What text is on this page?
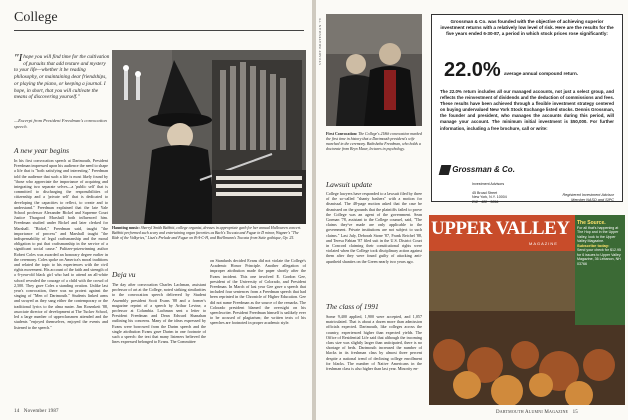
College
"I hope you will find time for the cultivation of pursuits that add texture and mystery to your life—whether it be reading philosophy, or maintaining dear friendships, or playing the piano, or keeping a journal. I hope, in short, that you will cultivate the means of discovering yourself."
—Excerpt from President Freedman's convocation speech.
Haunting music: Sherryl Smith Babbitt, college organist, dresses in appropriate garb for her annual Halloween concert. Babbitt performed such scary and entertaining organ favorites as Bach's Toccata and Fugue in D minor, Wagner's "The Ride of the Valkyries," Liszt's Prelude and Fugue on B-A-C-H, and Boëllmann's Toccata from Suite gothique, Op. 25.
A new year begins
In his first convocation speech at Dartmouth, President Freedman impressed upon his audience the need to shape a life that is "both satisfying and interesting." Freedman told the audience that such a life is most likely found by "those who appreciate the importance of acquiring and integrating two separate selves—a 'public self' that is committed to discharging the responsibilities of citizenship and a 'private self' that is dedicated to developing the capacities to reflect, to create and to understand." Freedman explained that the late Yale School professor Alexander Bickel and Supreme Court Justice Thurgood Marshall both influenced him. Freedman studied under Bickel and later clerked for Marshall. "Bickel," Freedman said, taught "the importance of process" and Marshall taught "the indispensability of legal craftsmanship and the moral obligation to put that craftsmanship in the service of a significant social cause." Pulitzer-prizewinning author Robert Coles was awarded an honorary degree earlier in the ceremony. Coles spoke on America's moral traditions and related the topic to his experiences with the civil rights movement. His account of the faith and strength of a 6-year-old black girl who had to attend an all-white school revealed the courage of a child with the crowd of 2,500. They gave Coles a standing ovation. Unlike last year's convocation, there was no protest against the singing of "Men of Dartmouth." Students linked arms and swayed as they sang either the contemporary or the traditional lyrics to the alma mater. Jim Rosenkeit '88, associate director of development at The Tucker School, led a large number of upperclassmen attended and the students "enjoyed themselves, enjoyed the events and listened to the speech."
Deja vu
The day after convocation Charles Lachman, assistant professor of art at the College, noted striking similarities to the convocation speech delivered by Student Assembly president Scott Evans '88 and a former's magazine reprint of a speech by Arthur Levine, a professor at Columbia. Lachman sent a letter to President Freedman and Dean Edward Shanahan outlining his concerns. Many of the ideas expressed by Evans were borrowed from the Dartm speech and the single attribution Evans gave Dartm in one footnote of such a speech: the text that many listeners believed the lines expressed belonged to Evans. The Committee
on Standards decided Evans did not violate the College's Academic Honor Principle. Another allegation of improper attribution made the paper shortly after the Evans incident. This one involved E. Gordon Gee, president of the University of Colorado, and President Freedman. In March of last year Gee gave a speech that included four sentences from a Freedman speech that had been reprinted in the Chronicle of Higher Education. Gee did not name Freedman as the source of the remarks. The Colorado president blamed the oversight on his speechwriter. President Freedman himself is unlikely ever to be accused of plagiarism; the written texts of his speeches are footnoted in proper academic style.
14 November 1987
STUART BRATESMAN '79
First Convocation: The College's 218th convocation marked the first time in history that a Dartmouth president's wife marched in the ceremony. Bathsheba Freedman, who holds a doctorate from Bryn Mawr, lectures in psychology.
Lawsuit update
College lawyers have responded to a lawsuit filed by three of the so-called "shanty bashers" with a motion for dismissal. The 48-page motion asked that the case be dismissed on the grounds that the plaintiffs failed to prove the College was an agent of the government. Sean Gorman '78, assistant to the College counsel, said, "The claims they've made are only applicable to the government. Private institutions are not subject to such claims." Last July, Deborah Stone '87, Frank Reichel '88, and Teresa Fabian '87 filed suit in the U.S. District Court in Concord claiming their constitutional rights were violated when the College took disciplinary action against them after they were found guilty of attacking anti-apartheid shanties on the Green nearly two years ago.
The class of 1991
Some 9,400 applied, 1,900 were accepted, and 1,057 matriculated. That is about a dozen more than admission officials expected. Dartmouth, like colleges across the country, experienced higher than expected yields. The Office of Residential Life said that although the incoming class size was slightly larger than anticipated, there is no shortage of beds. Dartmouth increased the number of blacks in its freshman class by almost three percent despite a national trend of declining college enrollment for blacks. The number of Native Americans in the freshman class is also higher than last year. Minority en-
Grossman & Co. was founded with the objective of achieving superior investment returns with a relatively low level of risk. Here are the results for the five years ended 6-30-87, a period in which stock prices rose significantly:
22.0% average annual compound return.
The 22.0% return includes all our managed accounts, not just a select group, and reflects the reinvestment of dividends and the deduction of commissions and fees. These results have been achieved through a flexible investment strategy centered on buying undervalued New York Stock Exchange listed stocks. Dennis Grossman, the founder and president, who manages the accounts during this period, will manage your account. The minimum initial investment is $50,000. For further information, including a free brochure, call or write:
Grossman & Co.

Investment Advisors

45 Broad Street
New York, N.Y. 10004
212 · 422 · 3056

Registered Investment Advisor
Member NASD and SIPC
UPPER VALLEY
MAGAZINE
The Source.
For all that's happening at The Hop and in the Upper Valley, look to the Upper Valley Magazine.
Subscribe today:
Send your check for $12.95 for 6 issues to Upper Valley Magazine, 36 Lebanon, NH 03766
Dartmouth Alumni Magazine 15
